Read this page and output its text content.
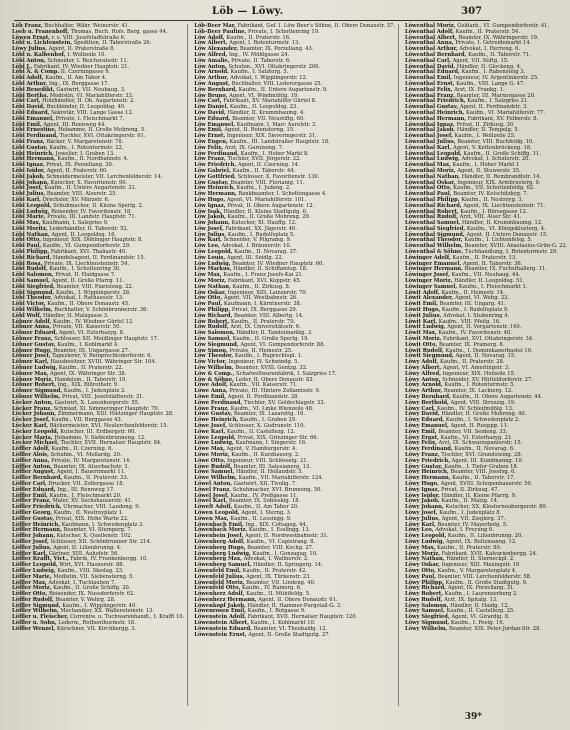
Löb — Löwy.	307

Löb Franz, Buchhalter, Währ. Weinerstr. 41.

Loeb u. Franenhoff, Thomas, Buch. Hofs. Berg. gasse 44.

Löwen Ernst, r. s. VIII. Josefstadtstraße 6.

Löbl u. Lichtenstein, Spedition, II. Taborstraße 26.

Löwy Julius, Agent, II. Praterstraße 8.

Löbl u. Kalbenhof, I. Wollzeile 10.

Löbl Anton, Schneider, I. Reichsratsstr. 11.

Löbl J., Fabrikant, IV. Wiedner Hauptstr. 21.

Löbl A. & Comp. II. Czerningasse 9.

Löbl Adolf, Kaufm., II. Am Tabor 4.

Löbl Arthur, Ing., IX. Berggasse 17.

Löbl Benedikt, Gastwirt, VII. Neubaug. 3.

Löbl Bertha, Modistin, VI. Mariahilferstr. 33.

Löbl Carl, Holzhändler, II. Ob. Augartenstr. 2.

Löbl David, Buchbinder, II. Leopoldsg. 40.

Löbl Eduard, Sekretär, VIII. Lange Gasse 12.

Löbl Emanuel, Private, I. Fleischmarkt 7.

Löbl Emil, Agent, III. Rennweg 44.

Löbl Ernestine, Hebamme, II. Große Mohreng. 5.

Löbl Ferdinand, Tischler, XVI. Ottakringerstr. 61.

Löbl Franz, Bäcker, V. Margaretenstr. 78.

Löbl Gustav, Kaufm., I. Rotenturmstr. 22.

Löbl Heinrich, Juwelier, I. Graben 13.

Löbl Hermann, Kaufm., II. Nordbahnstr. 4.

Löbl Ignaz, Privat, IX. Porzellang. 20.

Löbl Isidor, Agent, II. Praterstr. 60.

Löbl Jakob, Schneidermeister, VII. Lerchenfelderstr. 14.

Löbl Johann, Kutscher, X. Favoritenstr. 90.

Löbl Josef, Kaufm., II. Untere Augartenstr. 31.

Löbl Julius, Beamter, VIII. Alserstr. 25.

Löbl Karl, Drechsler, XV. Märzstr. 6.

Löbl Leopold, Schuhmacher, II. Kleine Sperlg. 2.

Löbl Ludwig, Reisender, IV. Favoritenstr. 18.

Löbl Marie, Private, III. Landstr. Hauptstr. 71.

Löbl Max, Kaufmann, I. Salzgries 9.

Löbl Moritz, Lederhändler, II. Taborstr. 52.

Löbl Nathan, Agent, II. Leopoldsg. 16.

Löbl Otto, Ingenieur, XIX. Döblinger Hauptstr. 8.

Löbl Paul, Kaufm., VI. Gumpendorferstr. 29.

Löbl Philipp, Fabrikant, XVI. Thaliastr. 40.

Löbl Richard, Handelsagent, II. Ferdinandstr. 15.

Löbl Rosa, Private, IX. Liechtensteinstr. 54.

Löbl Rudolf, Kaufm., I. Schottenring 30.

Löbl Salomon, Privat, II. Haidgasse 7.

Löbl Samuel, Agent, II. Große Pfarrg. 11.

Löbl Siegfried, Beamter, VIII. Piaristeng. 22.

Löbl Sigmund, Kaufm., I. Wipplingerstr. 28.

Löbl Theodor, Advokat, I. Rathausstr. 13.

Löbl Victor, Kaufm., II. Obere Donaustr. 45.

Löbl Wilhelm, Buchhalter, V. Schönbrunnerstr. 36.

Löbl Wolf, Händler, II. Malzgasse 3.

Löbner Adolf, Kaufm., IV. Wiedner Gürtel 12.

Löbner Anna, Private, VII. Kaiserstr. 50.

Löbner Eduard, Agent, VI. Esterhazyg. 8.

Löbner Franz, Schlosser, XII. Meidlinger Hauptstr. 17.

Löbner Gustav, Kaufm., I. Kohlmarkt 4.

Löbner Hugo, Beamter, III. Ungargasse 27.

Löbner Josef, Tapezierer, V. Reinprechtsdorferstr. 6.

Löbner Karl, Hausbesitzer, XVIII. Währinger Str. 104.

Löbner Ludwig, Kaufm., II. Praterstr. 22.

Löbner Max, Agent, IX. Währinger Str. 38.

Löbner Moriz, Handelsm., II. Taborstr. 19.

Löbner Robert, Ing., XIX. Billrothstr. 9.

Löbner Sigmund, Kaufm., I. Judenplatz 2.

Löbner Wilhelm, Privat, VIII. Josefstädterstr. 31.

Löcker Anton, Gastwirt, X. Laxenburgerstr. 55.

Löcker Franz, Schmied, XI. Simmeringer Hauptstr. 70.

Löcker Johann, Zimmermann, XIII. Hietzinger Hauptstr. 28.

Löcker Josef, Kaufm., VII. Burggasse 43.

Löcker Karl, Bäckermeister, XVI. Neulerchenfelderstr. 15.

Löcker Leopold, Kutscher, III. Erdbergstr. 60.

Löcker Maria, Hebamme, V. Siebenbrunneng. 12.

Löcker Michael, Tischler, XVII. Hernalser Hauptstr. 84.

Löffler Adolf, Kaufm., II. Czerning. 6.

Löffler Alois, Schuhm., VI. Mollardg. 20.

Löffler Anna, Private, IV. Margaretenstr. 14.

Löffler Anton, Beamter, IX. Alserbachstr. 3.

Löffler August, Agent, I. Bauernmarkt 11.

Löffler Bernhard, Kaufm., II. Praterstr. 33.

Löffler Carl, Drucker, VII. Zollergasse 18.

Löffler Eduard, Ing., III. Rennweg 17.

Löffler Emil, Kaufm., I. Fleischmarkt 20.

Löffler Franz, Maler, XV. Sechshauserstr. 41.

Löffler Friedrich, Uhrmacher, VIII. Laudong. 9.

Löffler Georg, Kaufm., II. Nestroyplatz 1.

Löffler Gustav, Privat, XIX. Hohe Warte 22.

Löffler Heinrich, Kaufmann, I. Schwedenplatz 3.

Löffler Hermann, Beamter, VI. Stumperg. 7.

Löffler Johann, Kutscher, X. Quellenstr. 102.

Löffler Josef, Schlosser, XII. Schönbrunner Str. 214.

Löffler Julius, Agent, II. Lilienbrunng. 4.

Löffler Karl, Gärtner, XIII. Auhofstr. 56.

Löffler Krafft, Vict., Fabrik, IV. Frankenbergg. 10.

Löffler Leopold, Wirt, XVI. Hasnerstr. 88.

Löffler Ludwig, Kaufm., VIII. Skodag. 23.

Löffler Marie, Modistin, VII. Siebensterng. 5.

Löffler Max, Advokat, I. Tuchlauben 7.

Löffler Moriz, Kaufm., II. Große Schiffg. 20.

Löffler Otto, Reisender, IX. Nussdorferstr. 62.

Löffler Rudolf, Beamter, V. Wehrg. 28.

Löffler Sigmund, Kaufm., I. Wipplingerstr. 40.

Löffler Wilhelm, Mechaniker, XX. Wallensteinstr. 13.

Löffler u. Fleischer, Currentw. u. Tuchwarenhandl., I. Krafft 10.

Löffler u. Sohn, Lederw., Rothenthurmstr. 18.

Löffler Wenzel, Kürschner, VII. Kirchbergg. 3.

Löb-Beer Mar, Fabrikant, Gef. I. Löw Beer's Söhne, II. Obere Donaustr. 57.

Löb-Beer Pauline, Private, I. Schottenring 19.

Löw Adolf, Kaufm., II. Praterstr. 16.

Löw Albert, Agent, I. Rotenturmstr. 13.

Löw Alexander, Beamter, IX. Porzellang. 43.

Löw Alfred, Ing., IV. Mühlgasse 24.

Löw Amalie, Private, II. Taborstr. 6.

Löw Anton, Schuhm., XVI. Ottakringerstr. 200.

Löw Arnold, Kaufm., I. Salztorg. 5.

Löw Arthur, Advokat, I. Wipplingerstr. 12.

Löw August, Buchhalter, VIII. Lederergasse 25.

Löw Bernhard, Kaufm., II. Untere Augartenstr. 9.

Löw Bruno, Agent, VI. Windmühlg. 19.

Löw Carl, Fabrikant, XV. Mariahilfer Gürtel 8.

Löw Daniel, Kaufm., II. Leopoldsg. 23.

Löw David, Händler, II. Krummbaumg. 4.

Löw Eduard, Beamter, VII. Neustiftg. 60.

Löw Emanuel, Kaufmann, I. Marc Aurelstr. 3.

Löw Emil, Agent, II. Rotensterng. 15.

Löw Ernst, Ingenieur, XIX. Sieveringerstr. 31.

Löw Eugen, Kaufm., III. Landstraßer Hauptstr. 18.

Löw Felix, Arzt, IX. Garnisong. 7.

Löw Ferdinand, Kaufm., I. Hoher Markt 8.

Löw Franz, Tischler, XVII. Jörgerstr. 22.

Löw Friedrich, Agent, II. Czerning. 14.

Löw Gabriel, Kaufm., II. Taborstr. 44.

Löw Gottfried, Schlosser, X. Favoritenstr. 130.

Löw Gustav, Beamter, VIII. Florianig. 11.

Löw Heinrich, Kaufm., I. Judeng. 2.

Löw Hermann, Bankbeamter, I. Schottengasse 4.

Löw Hugo, Agent, VI. Mariahilferstr. 101.

Löw Ignaz, Privat, II. Obere Augartenstr. 12.

Löw Isak, Händler, II. Kleine Stadtgutg. 6.

Löw Jakob, Kaufm., II. Große Mohreng. 29.

Löw Johann, Kutscher, XI. Hauffg. 12.

Löw Josef, Fabrikant, XX. Jägerstr. 40.

Löw Julius, Kaufm., I. Rudolfsplatz 5.

Löw Karl, Schneider, V. Pilgramg. 9.

Löw Leo, Advokat, I. Bräunerstr. 10.

Löw Leopold, Kaufm., II. Novarag. 37.

Löw Louis, Agent, III. Seidlg. 22.

Löw Ludwig, Beamter, IV. Wiedner Hauptstr. 60.

Löw Markus, Händler, II. Schiffamtsg. 18.

Löw Max, Kaufm., I. Franz Josefs-Kai 21.

Löw Moriz, Fabrikant, XVI. Koppstr. 45.

Löw Nathan, Kaufm., II. Zirkusg. 8.

Löw Oskar, Ingenieur, XIII. Lainzerstr. 70.

Löw Otto, Agent, VII. Westbahnstr. 26.

Löw Paul, Kaufmann, I. Kärntnerstr. 38.

Löw Philipp, Privat, IX. Berggasse 29.

Löw Richard, Beamter, VIII. Albertg. 14.

Löw Robert, Kaufm., II. Praterstr. 70.

Löw Rudolf, Arzt, IX. Universitätsstr. 6.

Löw Salomon, Händler, II. Tandelmarktg. 3.

Löw Samuel, Kaufm., II. Große Sperlg. 19.

Löw Siegmund, Agent, VI. Gumpendorferstr. 88.

Löw Simon, Private, II. Heinestr. 25.

Löw Theodor, Kaufm., I. Ruprechtspl. 1.

Löw Victor, Ingenieur, IV. Schwindg. 5.

Löw Wilhelm, Beamter, XVIII. Gentzg. 32.

Löw & Comp., Schafwollwarenfabrik, I. Salzgries 17.

Löw & Söhne, Leder, II. Obere Donaustr. 83.

Löwe Adolf, Kaufm., VII. Kaiserstr. 71.

Löwe Anna, Private, III. Hintere Zollamtsstr. 9.

Löwe Emil, Agent, II. Ferdinandstr. 28.

Löwe Ferdinand, Tischler, XV. Goldschlagstr. 33.

Löwe Franz, Kaufm., VI. Linke Wienzeile 48.

Löwe Gustav, Beamter, IX. Lazarettg. 16.

Löwe Heinrich, Kaufm., I. Graben 29.

Löwe Josef, Schlosser, X. Gudrunstr. 110.

Löwe Karl, Kaufm., II. Castellezg. 12.

Löwe Leopold, Privat, XIX. Grinzinger Str. 66.

Löwe Ludwig, Kaufmann, I. Singerstr. 16.

Löwe Max, Agent, V. Hamburgerstr. 4.

Löwe Moriz, Kaufm., II. Kurzbauerg. 2.

Löwe Otto, Ingenieur, VIII. Schlösselg. 21.

Löwe Rudolf, Beamter, III. Salesianerg. 13.

Löwe Samuel, Händler, II. Hollandstr. 5.

Löwe Wilhelm, Kaufm., VII. Mariahilferstr. 124.

Löwel Anton, Gastwirt, XII. Tivolig. 7.

Löwel Franz, Schuhmacher, XVI. Brunneng. 50.

Löwel Josef, Kaufm., IV. Preßgasse 11.

Löwel Karl, Beamter, IX. Sobieskig. 18.

Löwelt Adolf, Kaufm., II. Am Tabor 20.

Löwen Leopold, Agent, I. Sterng. 3.

Löwen Max, Kaufm., II. Lessingg. 9.

Löwenbach Emil, Ing., XIX. Cottageg. 44.

Löwenbach Moriz, Kaufm., I. Esslingg. 13.

Löwenbein Josef, Agent, II. Nordwestbahnstr. 31.

Löwenberg Adolf, Kaufm., VI. Capistrang. 8.

Löwenberg Hugo, Beamter, VIII. Kochg. 27.

Löwenberg Ludwig, Kaufm., I. Gonzagag. 10.

Löwenberg Max, Advokat, I. Wallnerstr. 2.

Löwenberg Samuel, Händler, II. Springerg. 14.

Löwenfeld Emil, Kaufm., II. Praterstr. 42.

Löwenfeld Julius, Agent, IX. Türkenstr. 23.

Löwenfeld Moriz, Beamter, VII. Lindeng. 40.

Löwenfeld Otto, Kaufm., IV. Rainerg. 6.

Löwenherz Adolf, Kaufm., II. Mühlfeldg. 5.

Löwenherz Hermann, Agent, II. Obere Donaustr. 61.

Löwenkopf Jakob, Händler, II. Hammer-Purgstall-G. 3.

Löwenrosen Emil, Kaufm., I. Rotgasse 9.

Löwenstein Adolf, Fabrikant, XVII. Hernalser Hauptstr. 120.

Löwenstein Albert, Kaufm., I. Kohlmarkt 10.

Löwenstein Eduard, Beamter, VI. Theobaldg. 12.

Löwenstein Ernst, Agent, II. Große Stadtgutg. 27.

Löwenthal Moriz, Goldarb., VI. Gumpendorferstr. 41.

Löwenthal Adolf, Kaufm., II. Praterstr. 54.

Löwenthal Albert, Beamter, IX. Währingerstr. 19.

Löwenthal Anna, Private, I. Getreidemarkt 14.

Löwenthal Arthur, Advokat, I. Herreng. 6.

Löwenthal Bernhard, Kaufm., II. Taborstr. 71.

Löwenthal Carl, Agent, VII. Stiftg. 15.

Löwenthal David, Händler, II. Glockeng. 4.

Löwenthal Eduard, Kaufm., I. Rabensteig 3.

Löwenthal Emil, Ingenieur, IV. Argentinierstr. 25.

Löwenthal Ernst, Kaufm., VIII. Lange G. 47.

Löwenthal Felix, Arzt, IX. Frankg. 1.

Löwenthal Franz, Beamter, III. Marxergasse 20.

Löwenthal Friedrich, Kaufm., I. Salzgries 21.

Löwenthal Gustav, Agent, II. Ferdinandstr. 3.

Löwenthal Heinrich, Kaufm., VI. Mariahilferstr. 77.

Löwenthal Hermann, Fabrikant, XV. Felberstr. 8.

Löwenthal Ignaz, Privat, II. Zirkusg. 30.

Löwenthal Jakob, Händler, II. Tempelg. 5.

Löwenthal Josef, Kaufm., I. Wollzeile 25.

Löwenthal Julius, Beamter, VIII. Buchfeldg. 10.

Löwenthal Karl, Agent, V. Kettenbrückeng. 18.

Löwenthal Leopold, Kaufm., II. Große Schiffg. 11.

Löwenthal Ludwig, Advokat, I. Schulerstr. 20.

Löwenthal Max, Kaufm., I. Hoher Markt 1.

Löwenthal Moriz, Agent, II. Stuwerstr. 35.

Löwenthal Nathan, Händler, II. Rembrandtstr. 14.

Löwenthal Oskar, Ingenieur, XIX. Armbrusterg. 9.

Löwenthal Otto, Kaufm., VII. Schottenfeldg. 62.

Löwenthal Paul, Beamter, IV. Kolschitzkyg. 7.

Löwenthal Philipp, Kaufm., II. Nestroyg. 3.

Löwenthal Richard, Agent, IX. Liechtensteinstr. 71.

Löwenthal Robert, Kaufm., I. Börsegasse 12.

Löwenthal Rudolf, Arzt, VIII. Alser Str. 41.

Löwenthal Samuel, Händler, II. Krummbaumg. 12.

Löwenthal Siegfried, Kaufm., VI. Königsklosterg. 4.

Löwenthal Sigmund, Agent, II. Untere Donaustr. 15.

Löwenthal Theodor, Kaufm., I. Lichtenfelsg. 5.

Löwenthal Wilhelm, Beamter, XVIII. Anastasius-Grün-G. 22.

Löwenthal & Söhne, Tuchhandlung, I. Rotenturmstr. 29.

Löwinger Adolf, Kaufm., II. Praterstr. 13.

Löwinger Emanuel, Agent, II. Taborstr. 36.

Löwinger Hermann, Beamter, IX. Fuchsthallerg. 11.

Löwinger Josef, Kaufm., VII. Neubaug. 44.

Löwinger Moriz, Händler, II. Leopoldsg. 51.

Löwinger Samuel, Kaufm., I. Fleischmarkt 1.

Löwit Adolf, Kaufm., II. Heinestr. 14.

Löwit Alexander, Agent, VI. Webg. 23.

Löwit Emil, Beamter, III. Ungarg. 41.

Löwit Hugo, Kaufm., I. Rudolfsplatz 9.

Löwit Julius, Advokat, I. Stubenring 4.

Löwit Karl, Kaufm., VIII. Pfeilg. 16.

Löwit Ludwig, Agent, II. Vorgartenstr. 140.

Löwit Max, Kaufm., IV. Favoritenstr. 40.

Löwit Moriz, Fabrikant, XVI. Ottakringerstr. 34.

Löwit Otto, Beamter, IX. Pramerg. 8.

Löwit Rudolf, Kaufm., I. Dominikanerbastei 10.

Löwit Siegmund, Agent, II. Novarag. 15.

Löwy Adolf, Kaufm., II. Praterstr. 28.

Löwy Albert, Agent, VI. Amerlingstr. 3.

Löwy Alfred, Ingenieur, XIX. Hofzeile 15.

Löwy Anton, Schneider, XV. Hütteldorferstr. 27.

Löwy Arnold, Kaufm., I. Rotenturmstr. 5.

Löwy Arthur, Beamter, IX. Lackierg. 12.

Löwy Bernhard, Kaufm., II. Obere Augartenstr. 44.

Löwy Berthold, Agent, VIII. Strozzig. 19.

Löwy Carl, Kaufm., IV. Schleifmühlg. 13.

Löwy David, Händler, II. Große Mohreng. 40.

Löwy Eduard, Kaufm., I. Schwedenplatz 2.

Löwy Emanuel, Agent, II. Rueppg. 11.

Löwy Emil, Beamter, VII. Seideng. 33.

Löwy Ernst, Kaufm., VI. Esterhazyg. 21.

Löwy Felix, Arzt, IX. Schwarzspanierstr. 15.

Löwy Ferdinand, Kaufm., II. Novarag. 6.

Löwy Franz, Tischler, XVI. Grundsteing. 28.

Löwy Friedrich, Agent, III. Kundmanng. 10.

Löwy Gustav, Kaufm., I. Tiefer Graben 18.

Löwy Heinrich, Beamter, VIII. Josefsg. 6.

Löwy Hermann, Kaufm., II. Taborstr. 17.

Löwy Hugo, Agent, XVIII. Schopenhauerstr. 50.

Löwy Ignaz, Privat, II. Zirkusg. 47.

Löwy Isidor, Händler, II. Kleine Pfarrg. 9.

Löwy Jakob, Kaufm., II. Malzg. 14.

Löwy Johann, Kutscher, XX. Klosterneuburgerstr. 80.

Löwy Josef, Kaufm., I. Judenplatz 8.

Löwy Julius, Agent, VII. Zieglerg. 37.

Löwy Karl, Beamter, IV. Mayerhofg. 5.

Löwy Leo, Advokat, I. Freyung 6.

Löwy Leopold, Kaufm., II. Lilienbrunng. 20.

Löwy Ludwig, Agent, IX. Boltzmanng. 12.

Löwy Max, Kaufm., II. Praterstr. 80.

Löwy Moriz, Fabrikant, XVII. Kalvarienbergg. 24.

Löwy Nathan, Händler, II. Sterneckpl. 2.

Löwy Oskar, Ingenieur, XIII. Maxingstr. 16.

Löwy Otto, Kaufm., V. Margaretenplatz 4.

Löwy Paul, Beamter, VIII. Lerchenfelderstr. 58.

Löwy Philipp, Kaufm., II. Große Stadtgutg. 9.

Löwy Richard, Agent, IX. Porzellang. 31.

Löwy Robert, Kaufm., I. Laurenzerberg 2.

Löwy Rudolf, Arzt, IX. Spitalg. 13.

Löwy Salomon, Händler, II. Haidg. 12.

Löwy Samuel, Kaufm., II. Castellezg. 25.

Löwy Siegfried, Agent, VI. Girardig. 8.

Löwy Sigmund, Kaufm., I. Postg. 16.

Löwy Wilhelm, Beamter, XIX. Peter-Jordan-Str. 28.

39*
